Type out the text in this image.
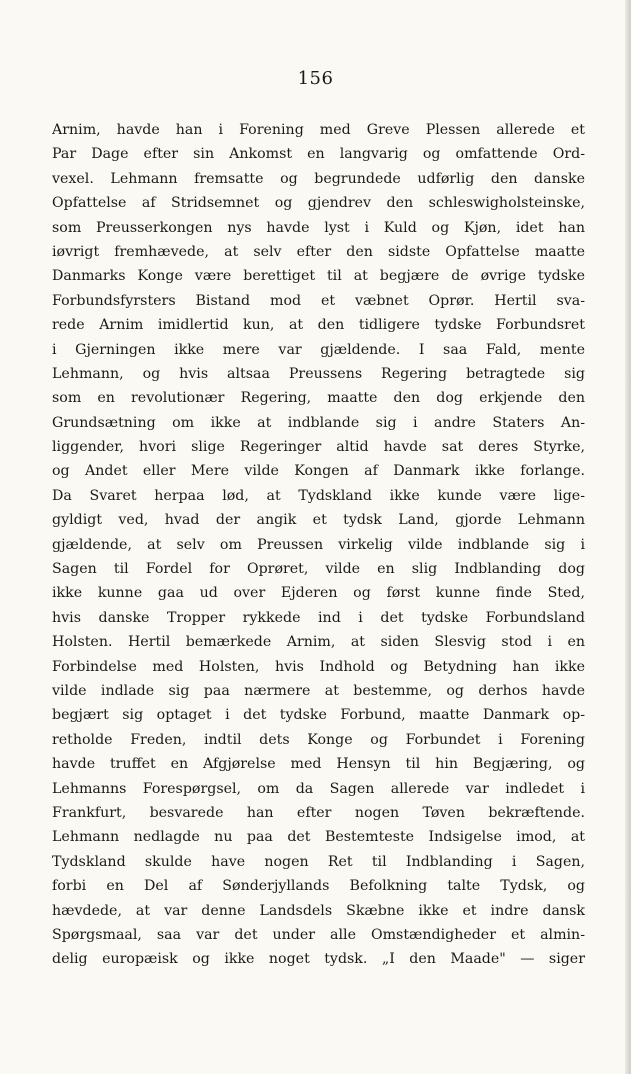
156
Arnim, havde han i Forening med Greve Plessen allerede et
Par Dage efter sin Ankomst en langvarig og omfattende Ord-
vexel. Lehmann fremsatte og begrundede udførlig den danske
Opfattelse af Stridsemnet og gjendrev den schleswigholsteinske,
som Preusserkongen nys havde lyst i Kuld og Kjøn, idet han
iøvrigt fremhævede, at selv efter den sidste Opfattelse maatte
Danmarks Konge være berettiget til at begjære de øvrige tydske
Forbundsfyrsters Bistand mod et væbnet Oprør. Hertil sva-
rede Arnim imidlertid kun, at den tidligere tydske Forbundsret
i Gjerningen ikke mere var gjældende. I saa Fald, mente
Lehmann, og hvis altsaa Preussens Regering betragtede sig
som en revolutionær Regering, maatte den dog erkjende den
Grundsætning om ikke at indblande sig i andre Staters An-
liggender, hvori slige Regeringer altid havde sat deres Styrke,
og Andet eller Mere vilde Kongen af Danmark ikke forlange.
Da Svaret herpaa lød, at Tydskland ikke kunde være lige-
gyldigt ved, hvad der angik et tydsk Land, gjorde Lehmann
gjældende, at selv om Preussen virkelig vilde indblande sig i
Sagen til Fordel for Oprøret, vilde en slig Indblanding dog
ikke kunne gaa ud over Ejderen og først kunne finde Sted,
hvis danske Tropper rykkede ind i det tydske Forbundsland
Holsten. Hertil bemærkede Arnim, at siden Slesvig stod i en
Forbindelse med Holsten, hvis Indhold og Betydning han ikke
vilde indlade sig paa nærmere at bestemme, og derhos havde
begjært sig optaget i det tydske Forbund, maatte Danmark op-
retholde Freden, indtil dets Konge og Forbundet i Forening
havde truffet en Afgjørelse med Hensyn til hin Begjæring, og
Lehmanns Forespørgsel, om da Sagen allerede var indledet i
Frankfurt, besvarede han efter nogen Tøven bekræftende.
Lehmann nedlagde nu paa det Bestemteste Indsigelse imod, at
Tydskland skulde have nogen Ret til Indblanding i Sagen,
forbi en Del af Sønderjyllands Befolkning talte Tydsk, og
hævdede, at var denne Landsdels Skæbne ikke et indre dansk
Spørgsmaal, saa var det under alle Omstændigheder et almin-
delig europæisk og ikke noget tydsk. „I den Maade" — siger
